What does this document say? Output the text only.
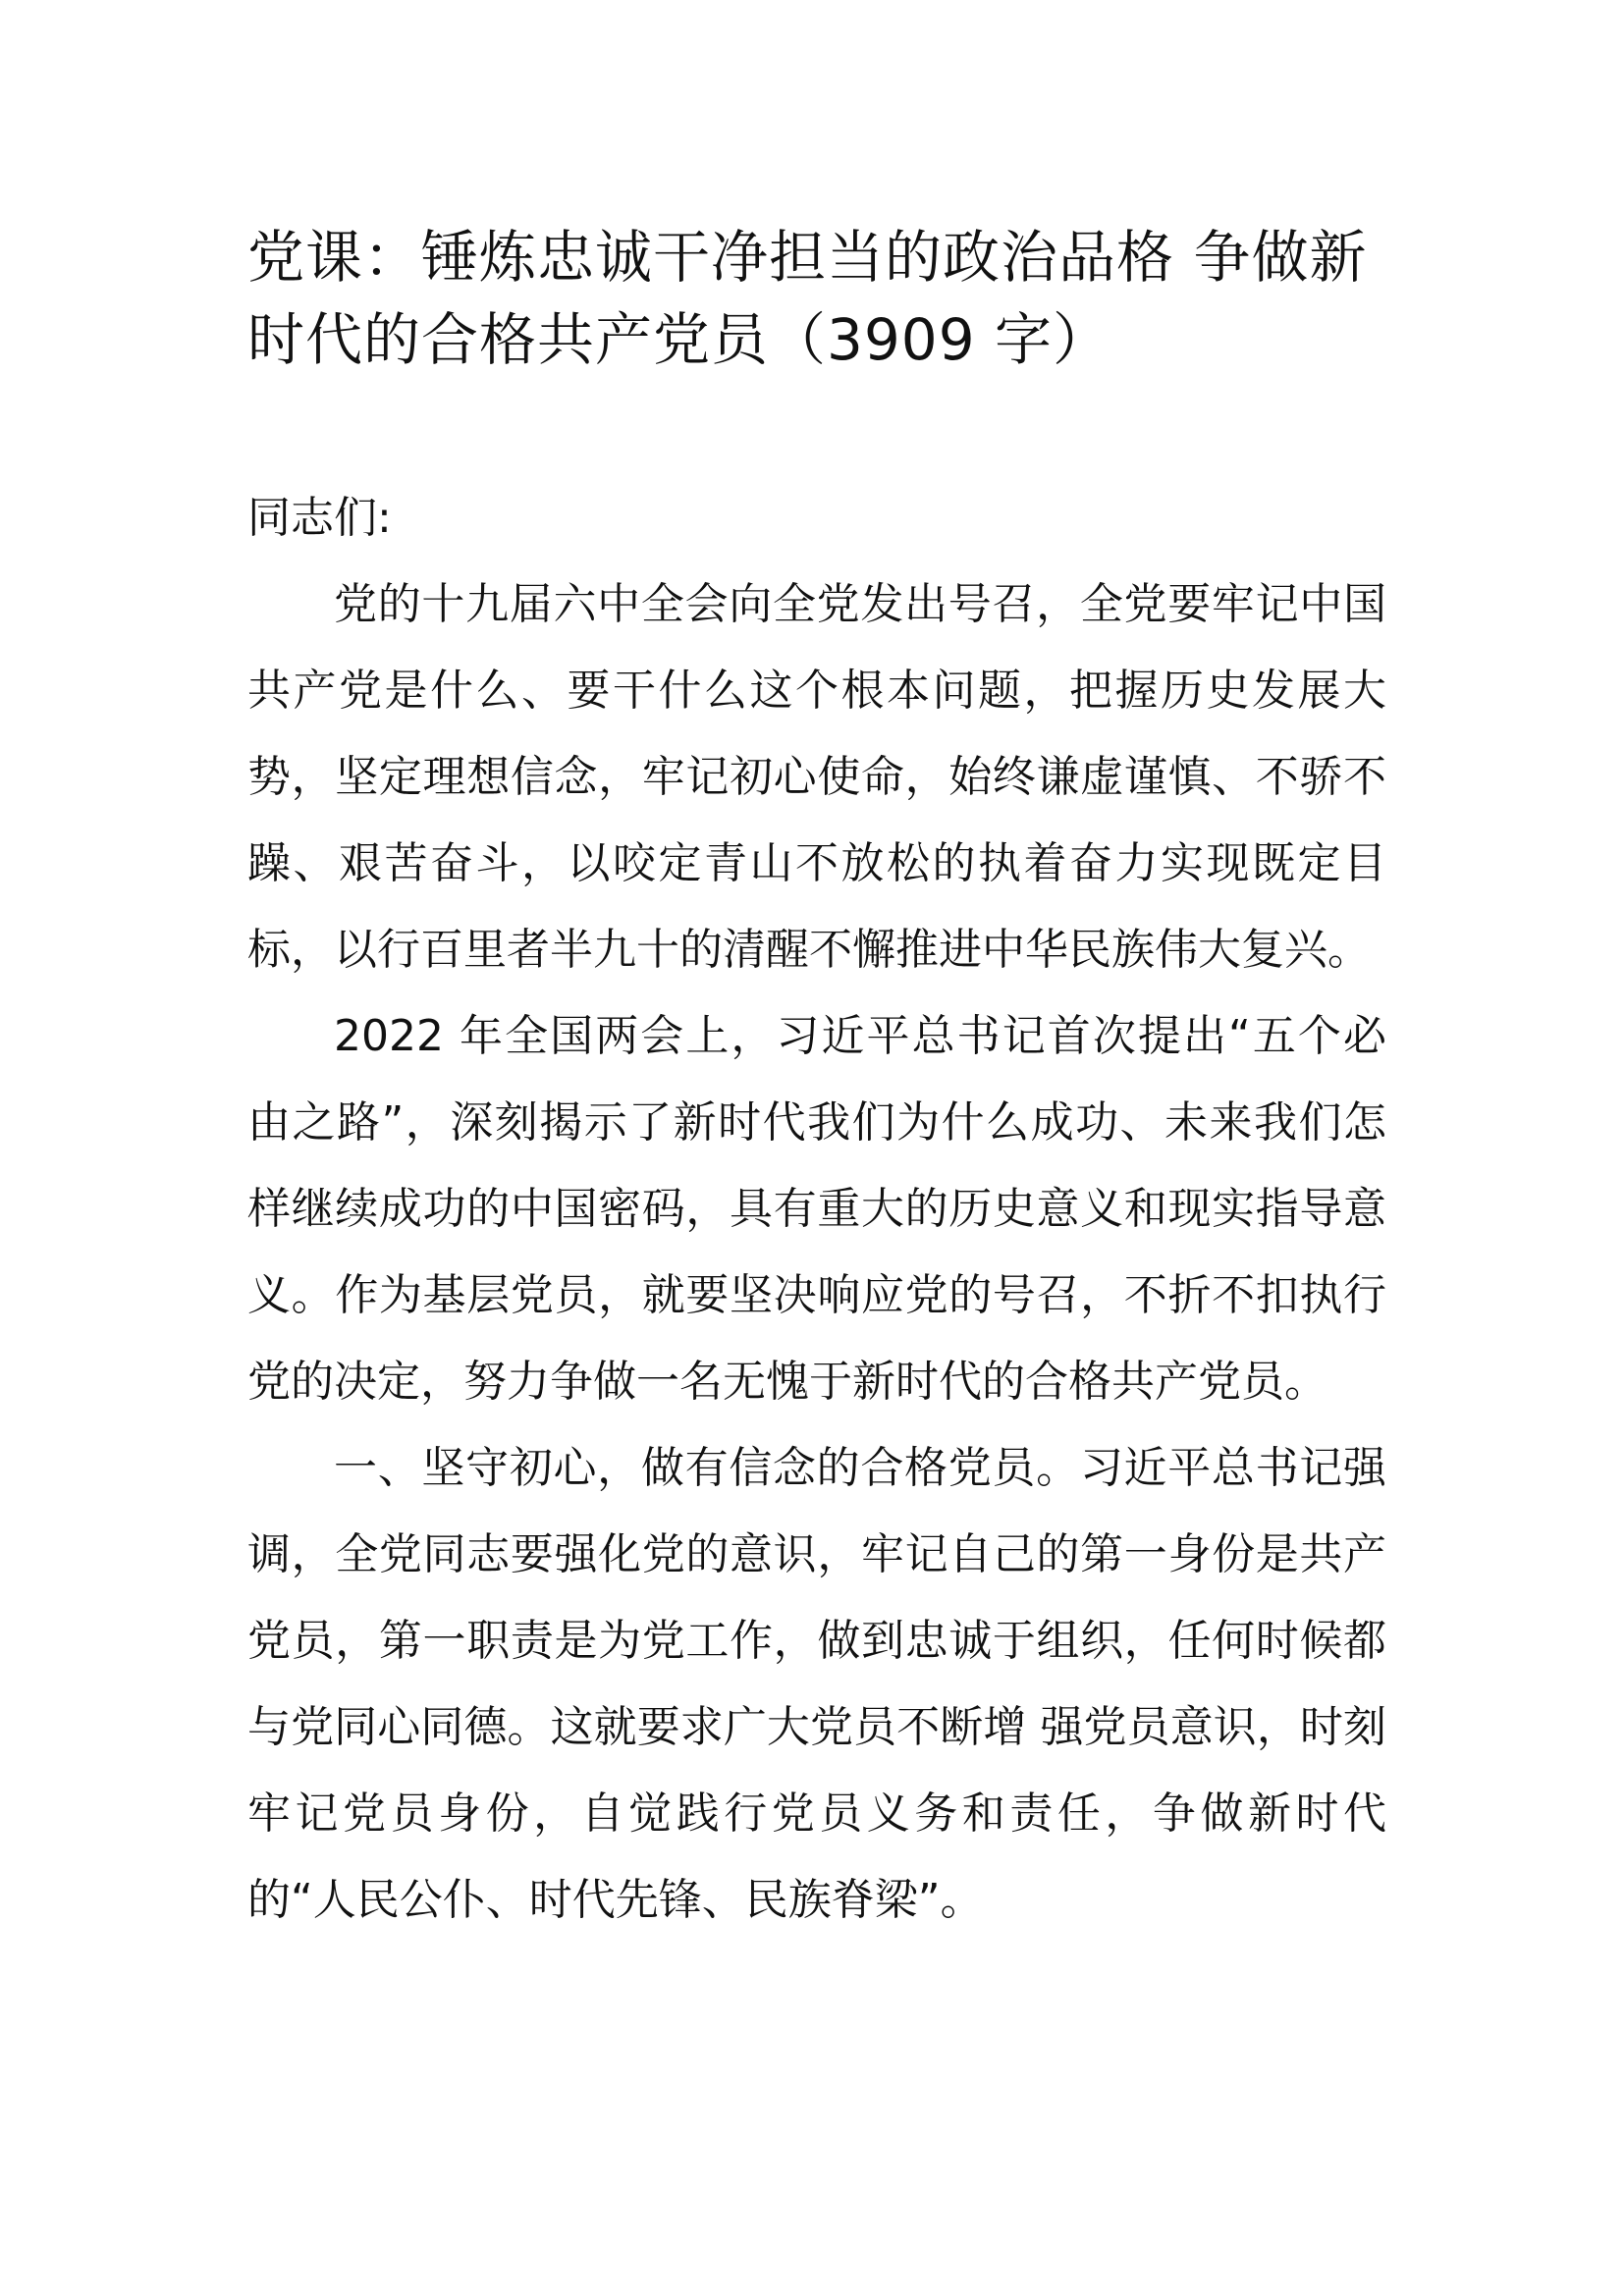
党课：锤炼忠诚干净担当的政治品格 争做新时代的合格共产党员（3909 字）

同志们:

党的十九届六中全会向全党发出号召，全党要牢记中国共产党是什么、要干什么这个根本问题，把握历史发展大势，坚定理想信念，牢记初心使命，始终谦虚谨慎、不骄不躁、艰苦奋斗，以咬定青山不放松的执着奋力实现既定目标，以行百里者半九十的清醒不懈推进中华民族伟大复兴。

2022 年全国两会上，习近平总书记首次提出“五个必由之路”，深刻揭示了新时代我们为什么成功、未来我们怎样继续成功的中国密码，具有重大的历史意义和现实指导意义。作为基层党员，就要坚决响应党的号召，不折不扣执行党的决定，努力争做一名无愧于新时代的合格共产党员。

一、坚守初心，做有信念的合格党员。习近平总书记强调，全党同志要强化党的意识，牢记自己的第一身份是共产党员，第一职责是为党工作，做到忠诚于组织，任何时候都与党同心同德。这就要求广大党员不断增 强党员意识，时刻牢记党员身份，自觉践行党员义务和责任，争做新时代的“人民公仆、时代先锋、民族脊梁”。
